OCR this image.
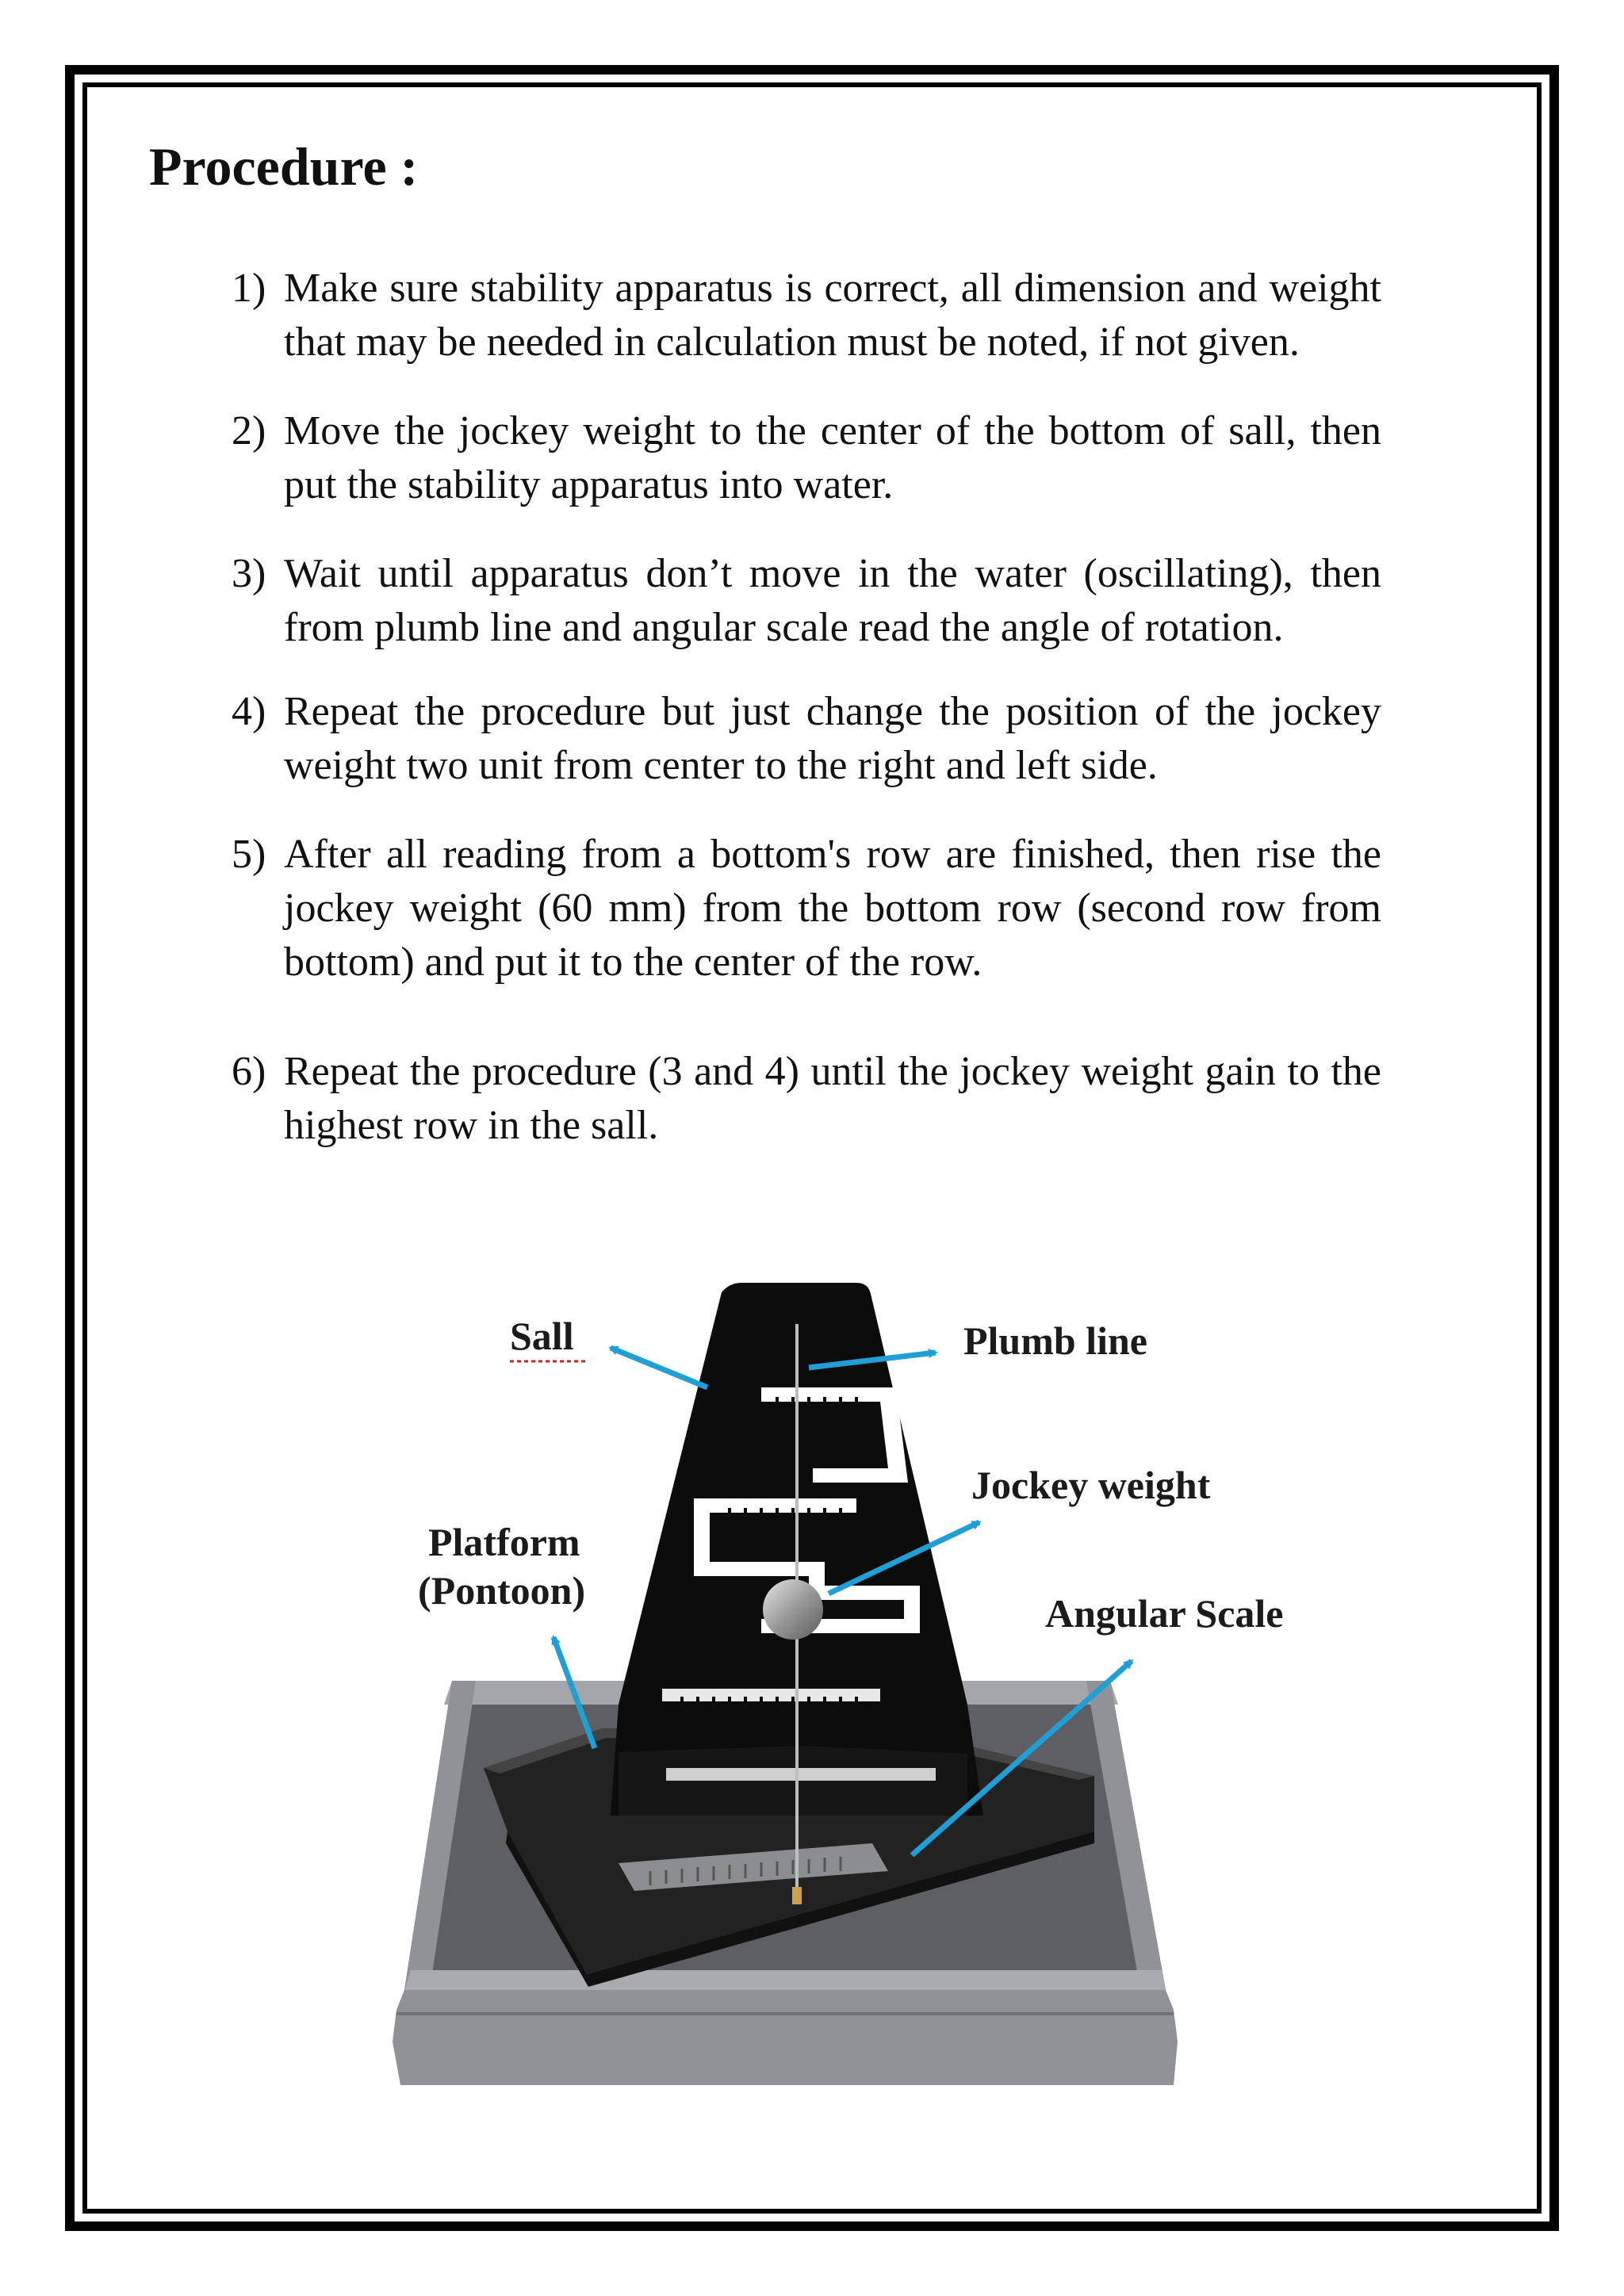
Procedure :
1) Make sure stability apparatus is correct, all dimension and weight that may be needed in calculation must be noted, if not given.
2) Move the jockey weight to the center of the bottom of sall, then put the stability apparatus into water.
3) Wait until apparatus don’t move in the water (oscillating), then from plumb line and angular scale read the angle of rotation.
4) Repeat the procedure but just change the position of the jockey weight two unit from center to the right and left side.
5) After all reading from a bottom's row are finished, then rise the jockey weight (60 mm) from the bottom row (second row from bottom) and put it to the center of the row.
6) Repeat the procedure (3 and 4) until the jockey weight gain to the highest row in the sall.
Sall	Plumb line
Jockey weight
Platform
(Pontoon)
Angular Scale
